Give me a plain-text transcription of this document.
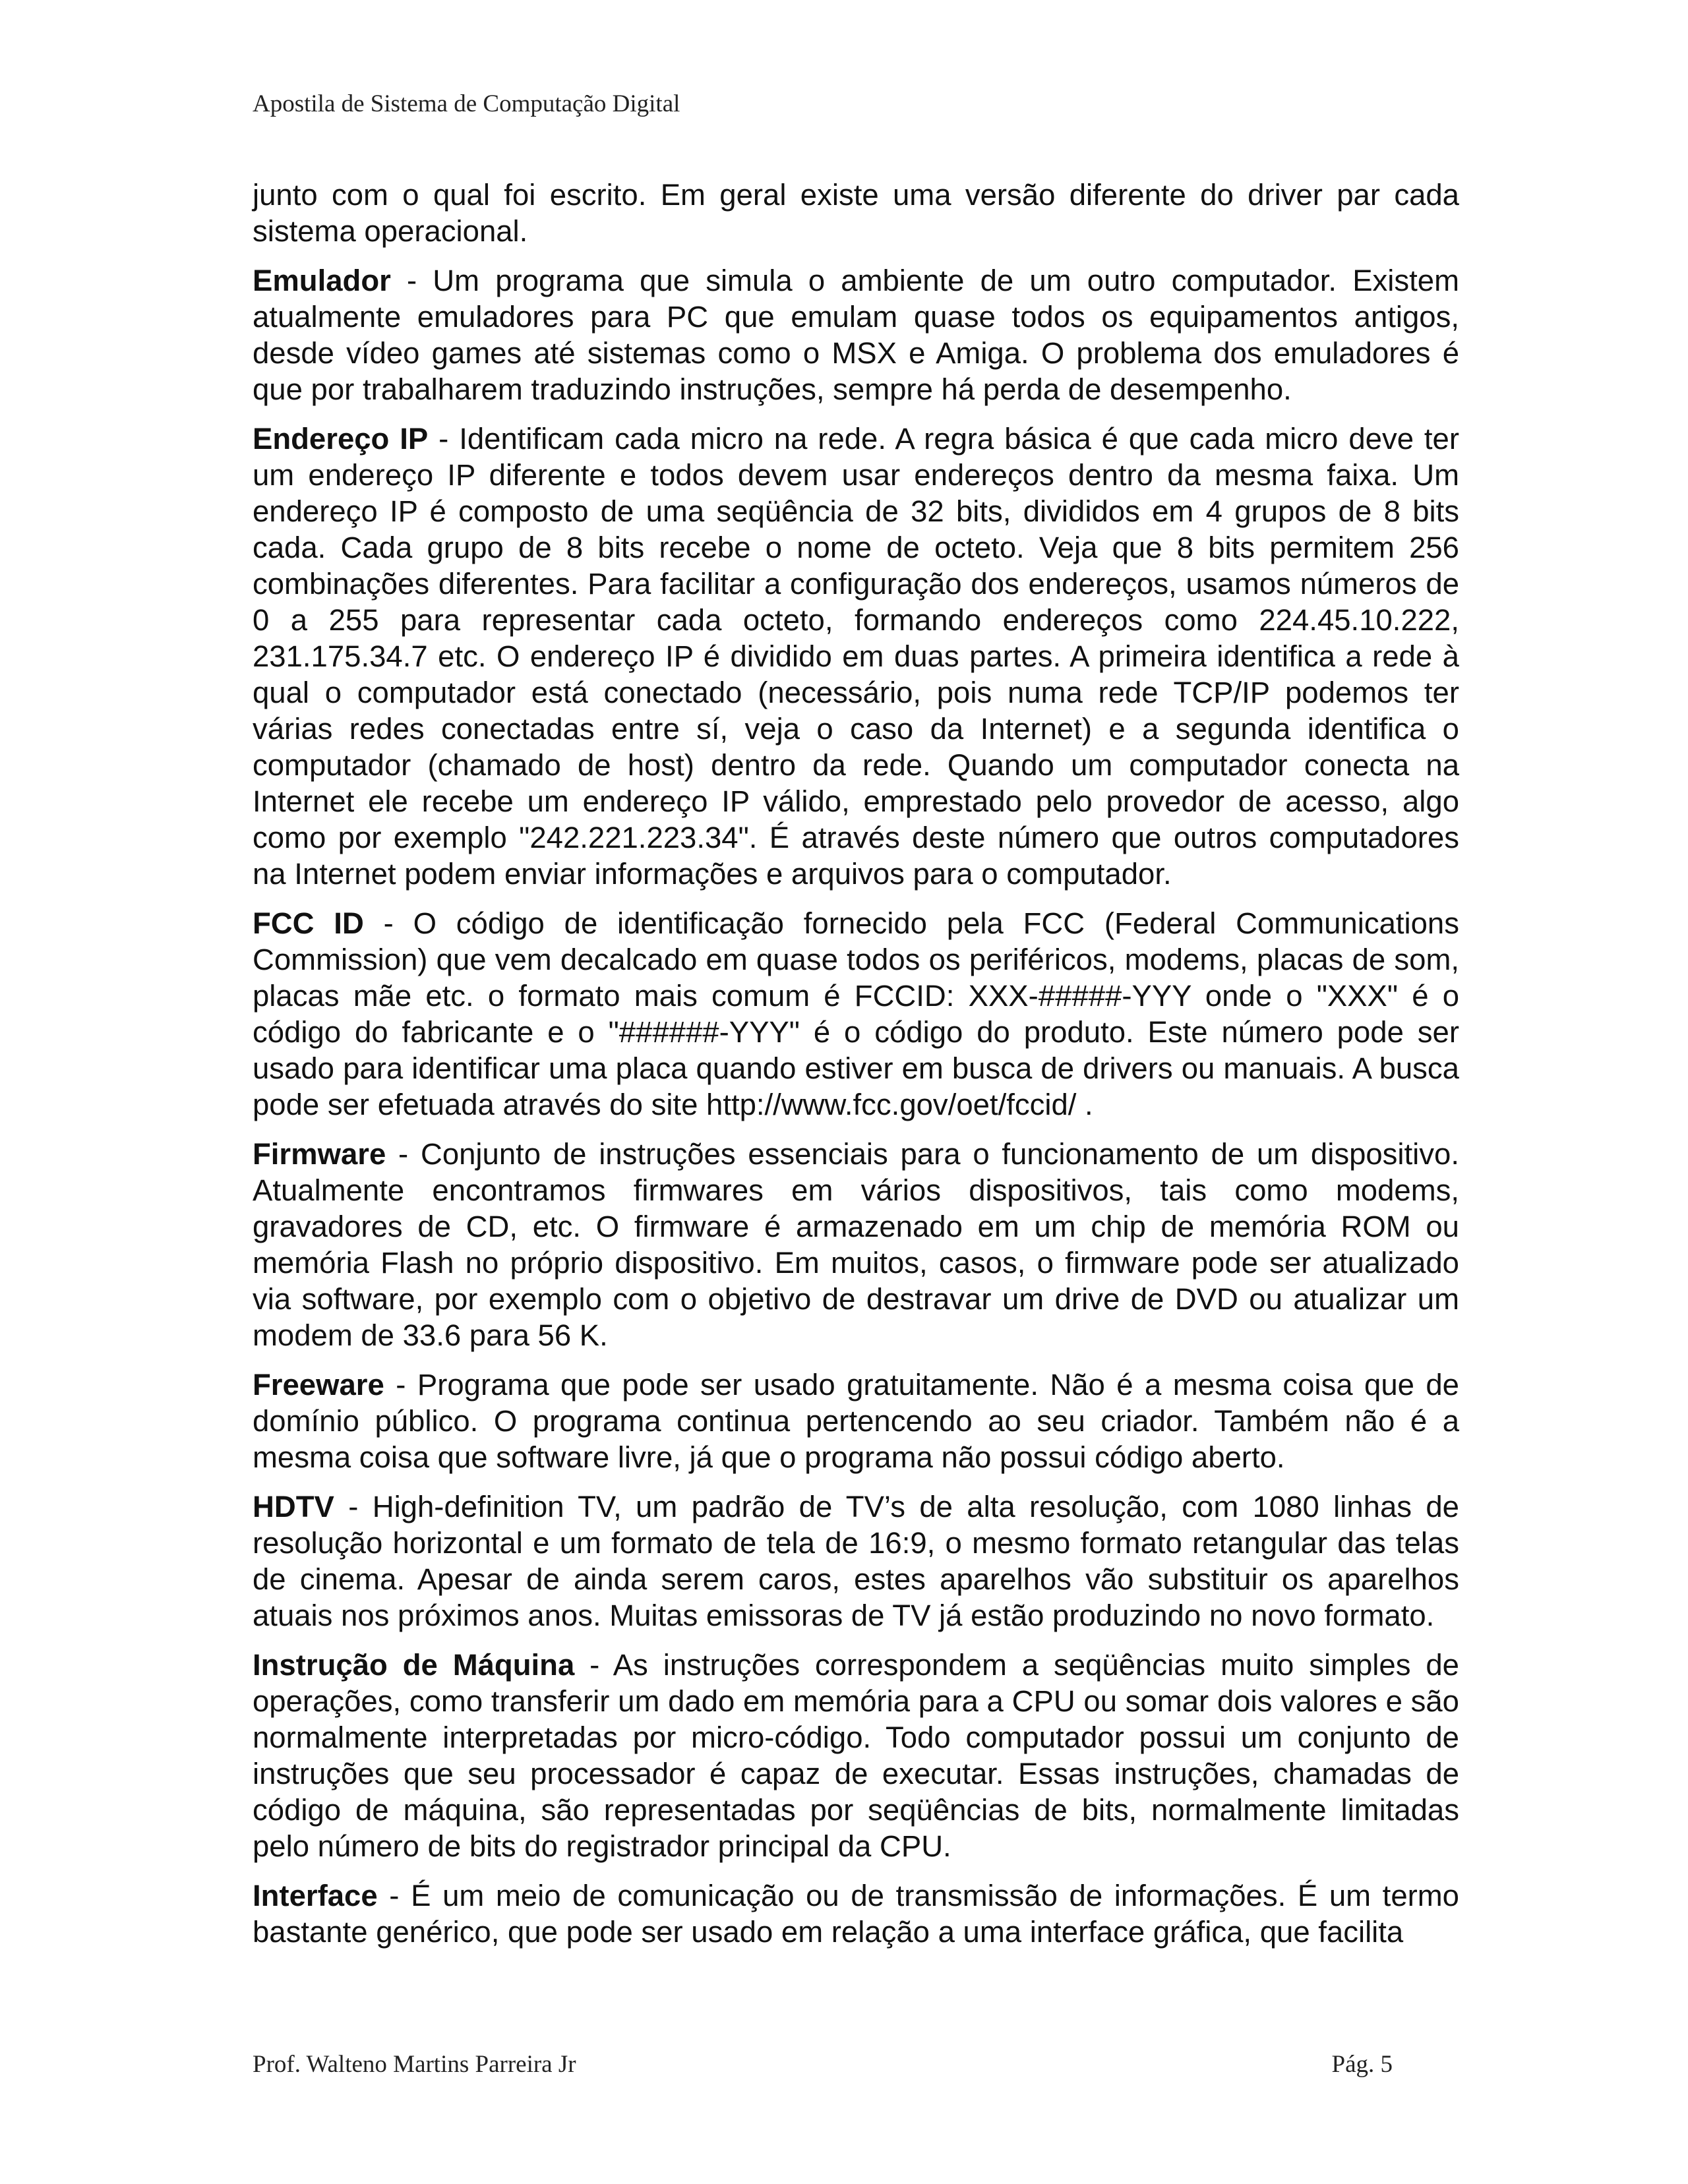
Apostila de Sistema de Computação Digital

junto com o qual foi escrito. Em geral existe uma versão diferente do driver par cada sistema operacional.

Emulador - Um programa que simula o ambiente de um outro computador. Existem atualmente emuladores para PC que emulam quase todos os equipamentos antigos, desde vídeo games até sistemas como o MSX e Amiga. O problema dos emuladores é que por trabalharem traduzindo instruções, sempre há perda de desempenho.

Endereço IP - Identificam cada micro na rede. A regra básica é que cada micro deve ter um endereço IP diferente e todos devem usar endereços dentro da mesma faixa. Um endereço IP é composto de uma seqüência de 32 bits, divididos em 4 grupos de 8 bits cada. Cada grupo de 8 bits recebe o nome de octeto. Veja que 8 bits permitem 256 combinações diferentes. Para facilitar a configuração dos endereços, usamos números de 0 a 255 para representar cada octeto, formando endereços como 224.45.10.222, 231.175.34.7 etc. O endereço IP é dividido em duas partes. A primeira identifica a rede à qual o computador está conectado (necessário, pois numa rede TCP/IP podemos ter várias redes conectadas entre sí, veja o caso da Internet) e a segunda identifica o computador (chamado de host) dentro da rede. Quando um computador conecta na Internet ele recebe um endereço IP válido, emprestado pelo provedor de acesso, algo como por exemplo "242.221.223.34". É através deste número que outros computadores na Internet podem enviar informações e arquivos para o computador.

FCC ID - O código de identificação fornecido pela FCC (Federal Communications Commission) que vem decalcado em quase todos os periféricos, modems, placas de som, placas mãe etc. o formato mais comum é FCCID: XXX-#####-YYY onde o "XXX" é o código do fabricante e o "######-YYY" é o código do produto. Este número pode ser usado para identificar uma placa quando estiver em busca de drivers ou manuais. A busca pode ser efetuada através do site http://www.fcc.gov/oet/fccid/ .

Firmware - Conjunto de instruções essenciais para o funcionamento de um dispositivo. Atualmente encontramos firmwares em vários dispositivos, tais como modems, gravadores de CD, etc. O firmware é armazenado em um chip de memória ROM ou memória Flash no próprio dispositivo. Em muitos, casos, o firmware pode ser atualizado via software, por exemplo com o objetivo de destravar um drive de DVD ou atualizar um modem de 33.6 para 56 K.

Freeware - Programa que pode ser usado gratuitamente. Não é a mesma coisa que de domínio público. O programa continua pertencendo ao seu criador. Também não é a mesma coisa que software livre, já que o programa não possui código aberto.

HDTV - High-definition TV, um padrão de TV’s de alta resolução, com 1080 linhas de resolução horizontal e um formato de tela de 16:9, o mesmo formato retangular das telas de cinema. Apesar de ainda serem caros, estes aparelhos vão substituir os aparelhos atuais nos próximos anos. Muitas emissoras de TV já estão produzindo no novo formato.

Instrução de Máquina - As instruções correspondem a seqüências muito simples de operações, como transferir um dado em memória para a CPU ou somar dois valores e são normalmente interpretadas por micro-código. Todo computador possui um conjunto de instruções que seu processador é capaz de executar. Essas instruções, chamadas de código de máquina, são representadas por seqüências de bits, normalmente limitadas pelo número de bits do registrador principal da CPU.

Interface - É um meio de comunicação ou de transmissão de informações. É um termo bastante genérico, que pode ser usado em relação a uma interface gráfica, que facilita

Prof. Walteno Martins Parreira Jr	Pág. 5
